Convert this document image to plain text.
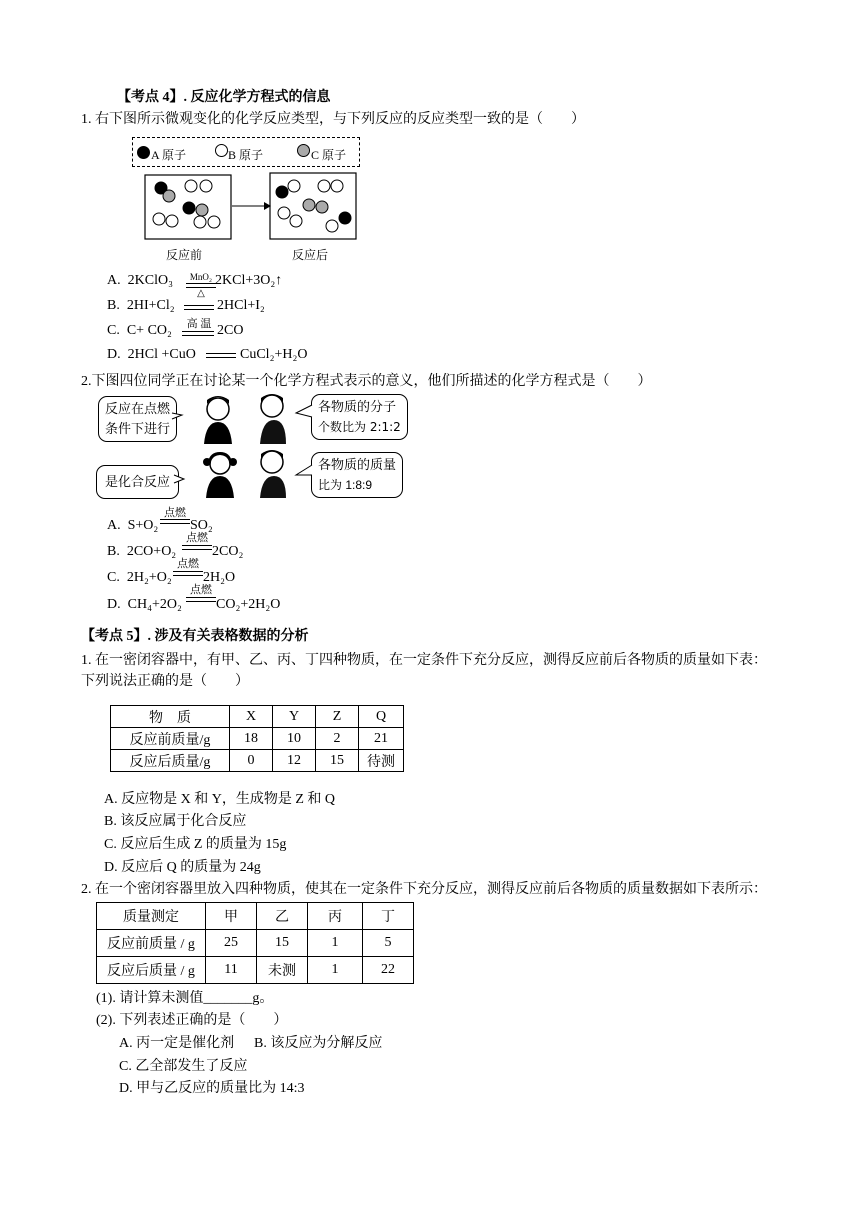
【考点 4】. 反应化学方程式的信息
1. 右下图所示微观变化的化学反应类型，与下列反应的反应类型一致的是（　　）
A 原子	B 原子	C 原子
反应前	反应后
A. 2KClO₃	MnO₂
△
2KCl+3O₂↑
B. 2HI+Cl₂	2HCl+I₂
C. C+ CO₂	高 温 2CO
D. 2HCl +CuO	CuCl₂+H₂O
2.下图四位同学正在讨论某一个化学方程式表示的意义，他们所描述的化学方程式是（　　）
反应在点燃
条件下进行
各物质的分子
个数比为 2:1:2
是化合反应
各物质的质量
比为 1:8:9
A. S+O₂
点燃
SO₂
B. 2CO+O₂
点燃
2CO₂
C. 2H₂+O₂
点燃
2H₂O
D. CH₄+2O₂
点燃
CO₂+2H₂O
【考点 5】. 涉及有关表格数据的分析
1. 在一密闭容器中，有甲、乙、丙、丁四种物质，在一定条件下充分反应，测得反应前后各物质的质量如下表：
下列说法正确的是（　　）
物　质	X	Y	Z	Q
反应前质量/g	18	10	2	21
反应后质量/g	0	12	15	待测
A. 反应物是 X 和 Y，生成物是 Z 和 Q
B. 该反应属于化合反应
C. 反应后生成 Z 的质量为 15g
D. 反应后 Q 的质量为 24g
2. 在一个密闭容器里放入四种物质，使其在一定条件下充分反应，测得反应前后各物质的质量数据如下表所示：
质量测定	甲	乙	丙	丁
反应前质量 / g	25	15	1	5
反应后质量 / g	11	未测	1	22
(1). 请计算未测值_______g。
(2). 下列表述正确的是（　　）
A. 丙一定是催化剂 B. 该反应为分解反应
C. 乙全部发生了反应
D. 甲与乙反应的质量比为 14:3
